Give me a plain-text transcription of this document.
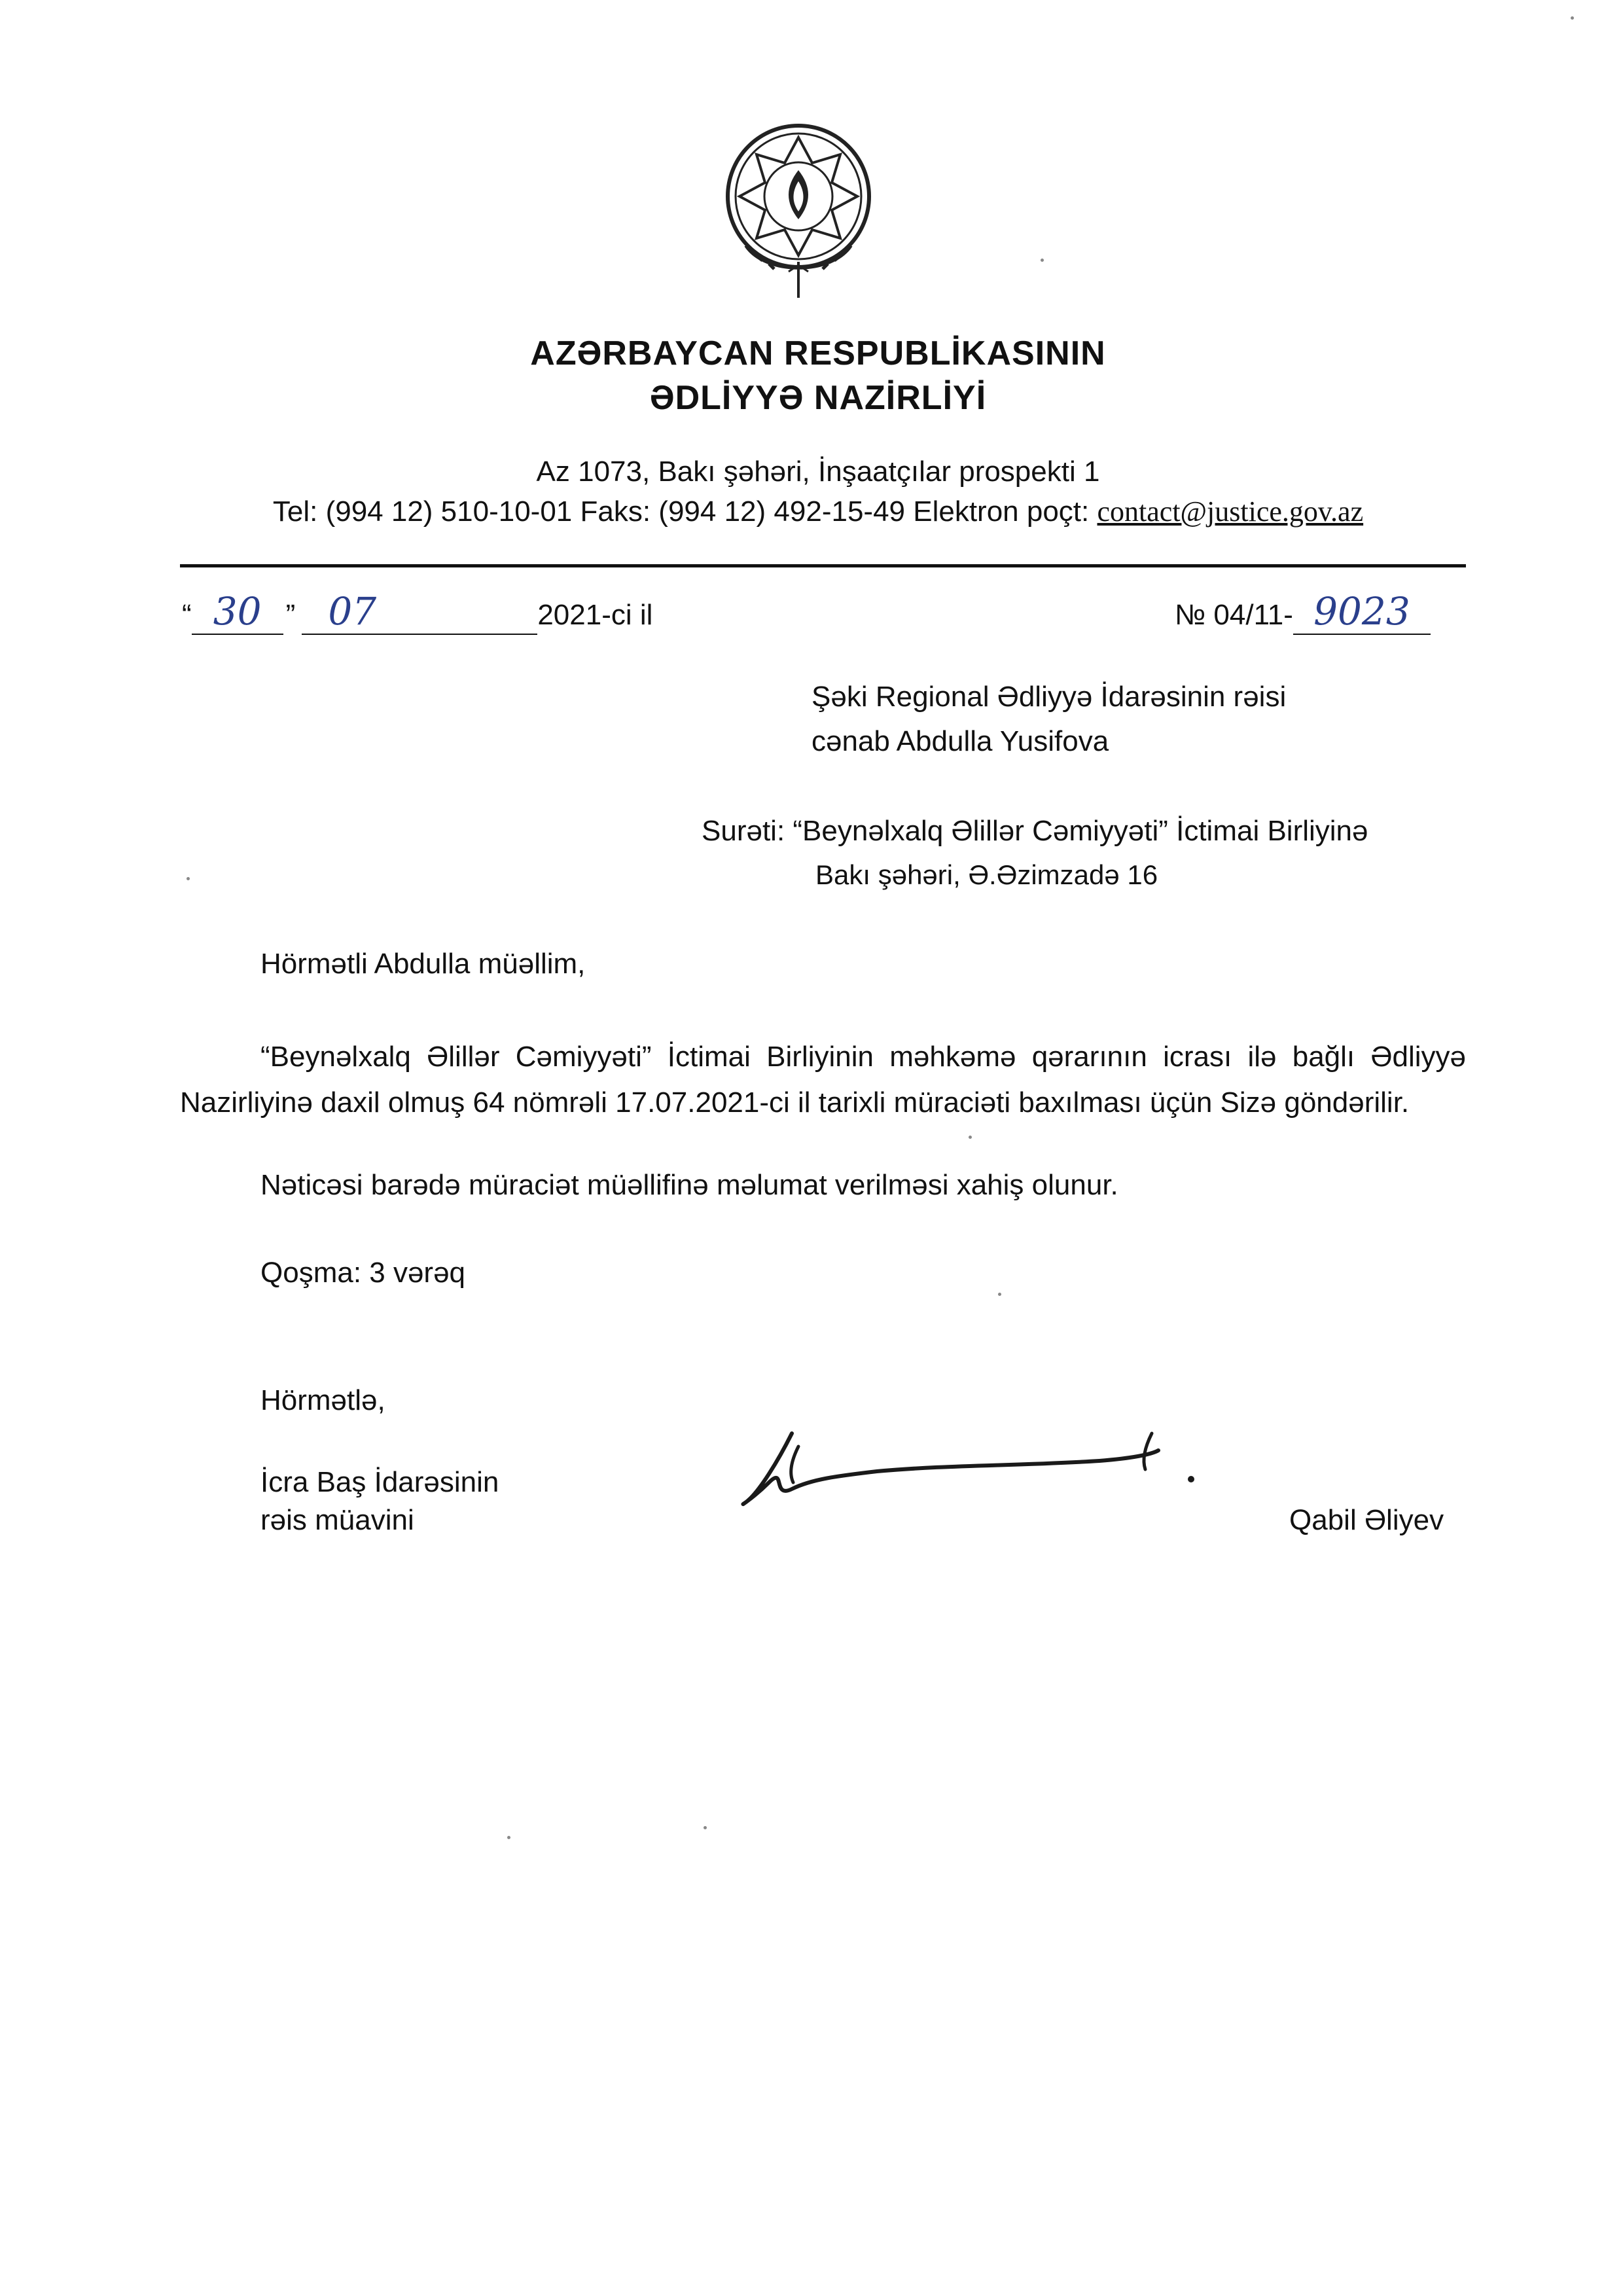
AZƏRBAYCAN RESPUBLİKASININ
ƏDLİYYƏ NAZİRLİYİ
Az 1073, Bakı şəhəri, İnşaatçılar prospekti 1
Tel: (994 12) 510-10-01 Faks: (994 12) 492-15-49 Elektron poçt: contact@justice.gov.az
“ 30 ” 07	2021-ci il	№ 04/11- 9023
Şəki Regional Ədliyyə İdarəsinin rəisi
cənab Abdulla Yusifova
Surəti: “Beynəlxalq Əlillər Cəmiyyəti” İctimai Birliyinə
Bakı şəhəri, Ə.Əzimzadə 16
Hörmətli Abdulla müəllim,
“Beynəlxalq Əlillər Cəmiyyəti” İctimai Birliyinin məhkəmə qərarının icrası ilə bağlı Ədliyyə Nazirliyinə daxil olmuş 64 nömrəli 17.07.2021-ci il tarixli müraciəti baxılması üçün Sizə göndərilir.
Nəticəsi barədə müraciət müəllifinə məlumat verilməsi xahiş olunur.
Qoşma: 3 vərəq
Hörmətlə,
İcra Baş İdarəsinin
rəis müavini	Qabil Əliyev
